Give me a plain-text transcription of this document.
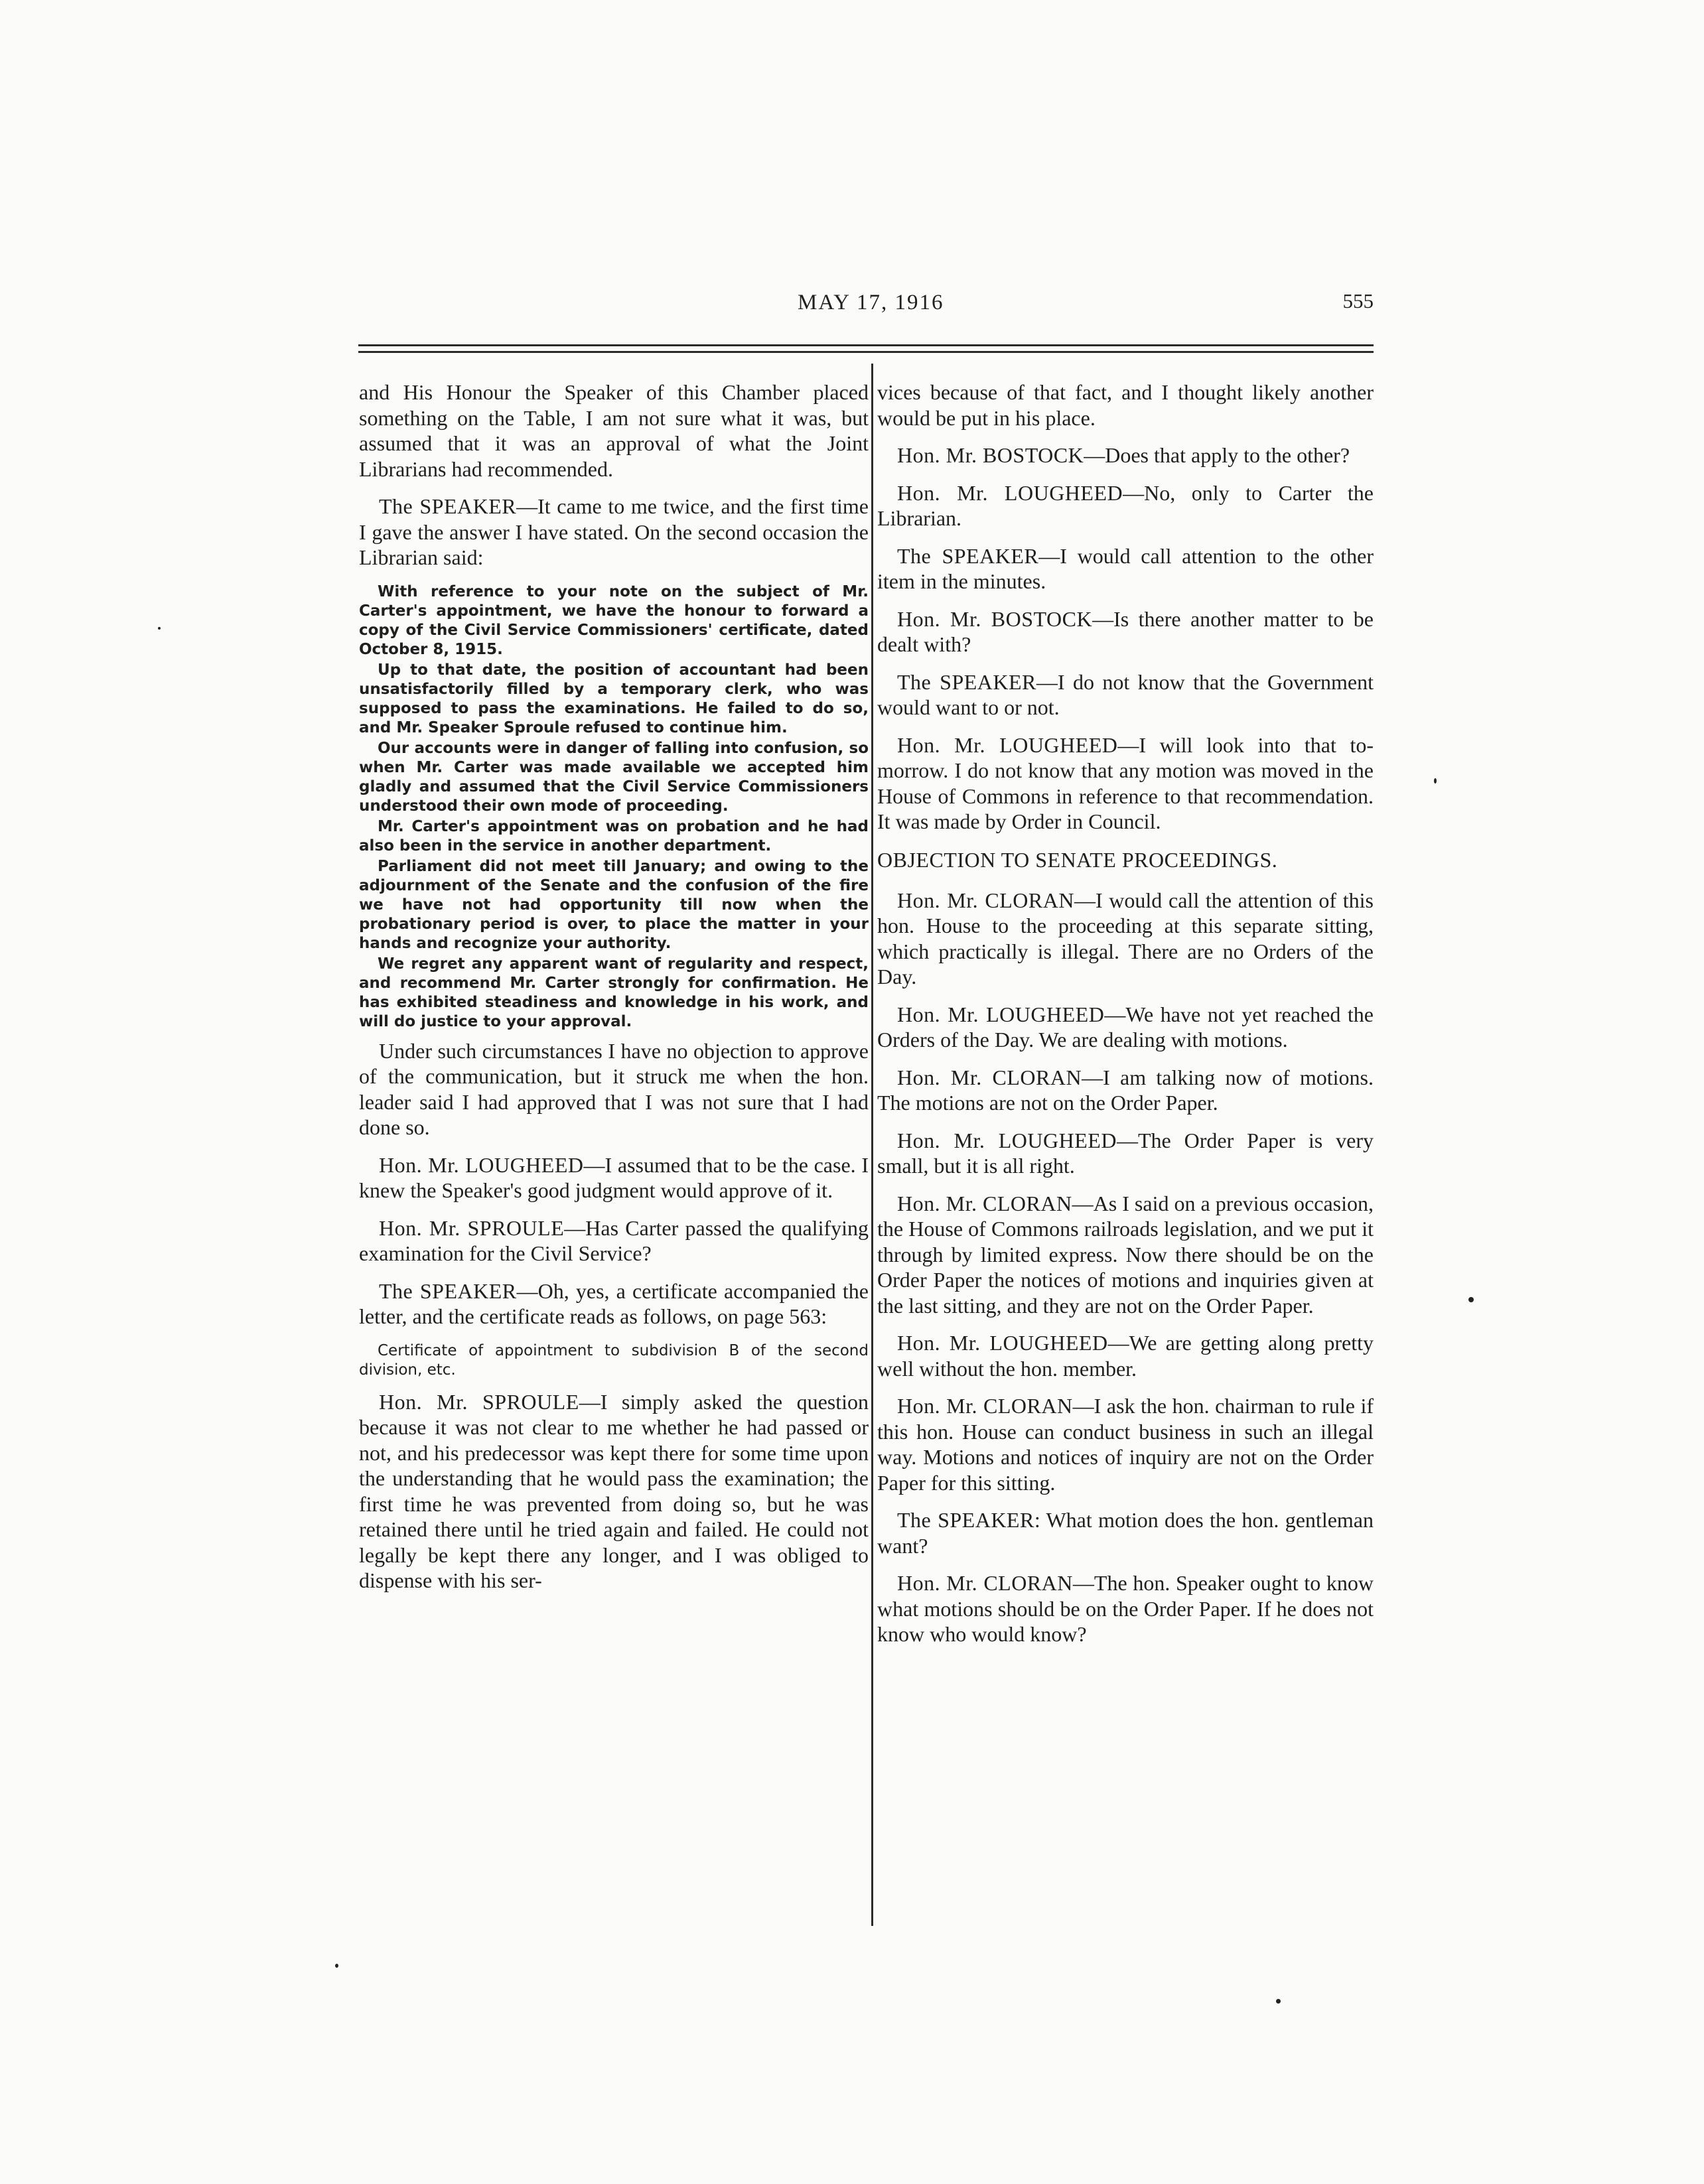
MAY 17, 1916	555

and His Honour the Speaker of this Chamber placed something on the Table, I am not sure what it was, but assumed that it was an approval of what the Joint Librarians had recommended.

The SPEAKER—It came to me twice, and the first time I gave the answer I have stated. On the second occasion the Librarian said:

With reference to your note on the subject of Mr. Carter's appointment, we have the honour to forward a copy of the Civil Service Commissioners' certificate, dated October 8, 1915.

Up to that date, the position of accountant had been unsatisfactorily filled by a temporary clerk, who was supposed to pass the examinations. He failed to do so, and Mr. Speaker Sproule refused to continue him.

Our accounts were in danger of falling into confusion, so when Mr. Carter was made available we accepted him gladly and assumed that the Civil Service Commissioners understood their own mode of proceeding.

Mr. Carter's appointment was on probation and he had also been in the service in another department.

Parliament did not meet till January; and owing to the adjournment of the Senate and the confusion of the fire we have not had opportunity till now when the probationary period is over, to place the matter in your hands and recognize your authority.

We regret any apparent want of regularity and respect, and recommend Mr. Carter strongly for confirmation. He has exhibited steadiness and knowledge in his work, and will do justice to your approval.

Under such circumstances I have no objection to approve of the communication, but it struck me when the hon. leader said I had approved that I was not sure that I had done so.

Hon. Mr. LOUGHEED—I assumed that to be the case. I knew the Speaker's good judgment would approve of it.

Hon. Mr. SPROULE—Has Carter passed the qualifying examination for the Civil Service?

The SPEAKER—Oh, yes, a certificate accompanied the letter, and the certificate reads as follows, on page 563:

Certificate of appointment to subdivision B of the second division, etc.

Hon. Mr. SPROULE—I simply asked the question because it was not clear to me whether he had passed or not, and his predecessor was kept there for some time upon the understanding that he would pass the examination; the first time he was prevented from doing so, but he was retained there until he tried again and failed. He could not legally be kept there any longer, and I was obliged to dispense with his ser-

vices because of that fact, and I thought likely another would be put in his place.

Hon. Mr. BOSTOCK—Does that apply to the other?

Hon. Mr. LOUGHEED—No, only to Carter the Librarian.

The SPEAKER—I would call attention to the other item in the minutes.

Hon. Mr. BOSTOCK—Is there another matter to be dealt with?

The SPEAKER—I do not know that the Government would want to or not.

Hon. Mr. LOUGHEED—I will look into that to-morrow. I do not know that any motion was moved in the House of Commons in reference to that recommendation. It was made by Order in Council.

OBJECTION TO SENATE PROCEEDINGS.

Hon. Mr. CLORAN—I would call the attention of this hon. House to the proceeding at this separate sitting, which practically is illegal. There are no Orders of the Day.

Hon. Mr. LOUGHEED—We have not yet reached the Orders of the Day. We are dealing with motions.

Hon. Mr. CLORAN—I am talking now of motions. The motions are not on the Order Paper.

Hon. Mr. LOUGHEED—The Order Paper is very small, but it is all right.

Hon. Mr. CLORAN—As I said on a previous occasion, the House of Commons railroads legislation, and we put it through by limited express. Now there should be on the Order Paper the notices of motions and inquiries given at the last sitting, and they are not on the Order Paper.

Hon. Mr. LOUGHEED—We are getting along pretty well without the hon. member.

Hon. Mr. CLORAN—I ask the hon. chairman to rule if this hon. House can conduct business in such an illegal way. Motions and notices of inquiry are not on the Order Paper for this sitting.

The SPEAKER: What motion does the hon. gentleman want?

Hon. Mr. CLORAN—The hon. Speaker ought to know what motions should be on the Order Paper. If he does not know who would know?
